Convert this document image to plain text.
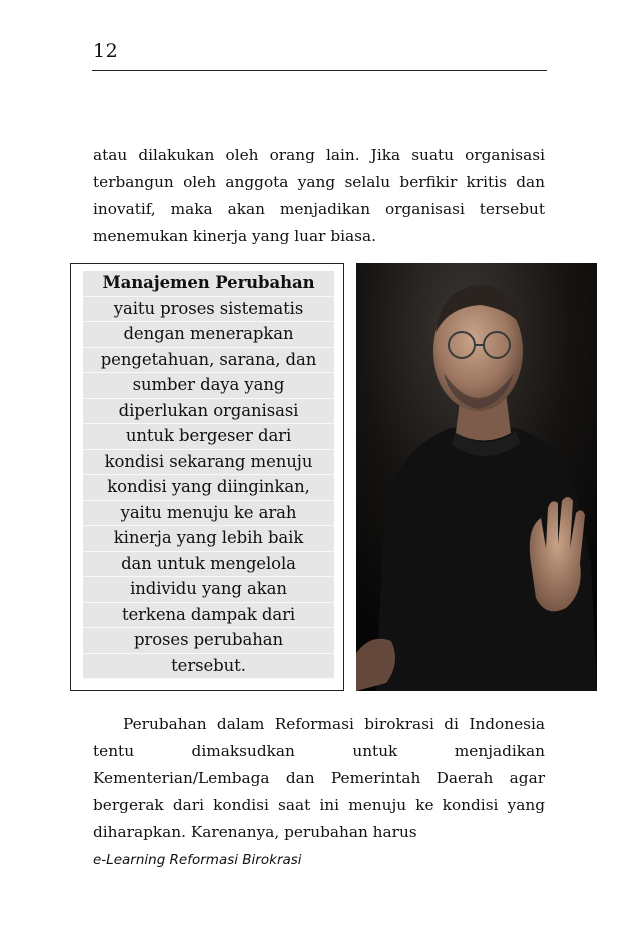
12

atau dilakukan oleh orang lain. Jika suatu organisasi terbangun oleh anggota yang selalu berfikir kritis dan inovatif, maka akan menjadikan organisasi tersebut menemukan kinerja yang luar biasa.

Manajemen Perubahan
yaitu proses sistematis
dengan menerapkan
pengetahuan, sarana, dan
sumber daya yang
diperlukan organisasi
untuk bergeser dari
kondisi sekarang menuju
kondisi yang diinginkan,
yaitu menuju ke arah
kinerja yang lebih baik
dan untuk mengelola
individu yang akan
terkena dampak dari
proses perubahan
tersebut.

Perubahan dalam Reformasi birokrasi di Indonesia tentu dimaksudkan untuk menjadikan Kementerian/Lembaga dan Pemerintah Daerah agar bergerak dari kondisi saat ini menuju ke kondisi yang diharapkan. Karenanya, perubahan harus

e-Learning Reformasi Birokrasi
